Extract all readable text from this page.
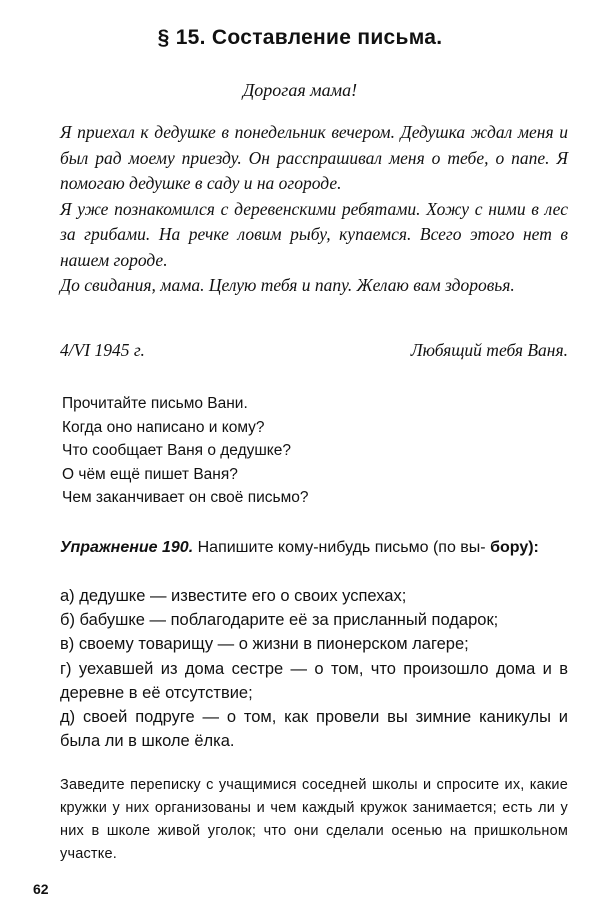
§ 15. Составление письма.
Дорогая мама!

Я приехал к дедушке в понедельник вечером. Дедушка ждал меня и был рад моему приезду. Он расспрашивал меня о тебе, о папе. Я помогаю дедушке в саду и на огороде.

Я уже познакомился с деревенскими ребятами. Хожу с ними в лес за грибами. На речке ловим рыбу, купаемся. Всего этого нет в нашем городе.

До свидания, мама. Целую тебя и папу. Желаю вам здоровья.

4/VI 1945 г.	Любящий тебя Ваня.
Прочитайте письмо Вани.
Когда оно написано и кому?
Что сообщает Ваня о дедушке?
О чём ещё пишет Ваня?
Чем заканчивает он своё письмо?
Упражнение 190. Напишите кому-нибудь письмо (по вы- бору):
а) дедушке — известите его о своих успехах;
б) бабушке — поблагодарите её за присланный подарок;
в) своему товарищу — о жизни в пионерском лагере;
г) уехавшей из дома сестре — о том, что произошло дома и в деревне в её отсутствие;
д) своей подруге — о том, как провели вы зимние каникулы и была ли в школе ёлка.
Заведите переписку с учащимися соседней школы и спросите их, какие кружки у них организованы и чем каждый кружок занимается; есть ли у них в школе живой уголок; что они сделали осенью на пришкольном участке.
62
